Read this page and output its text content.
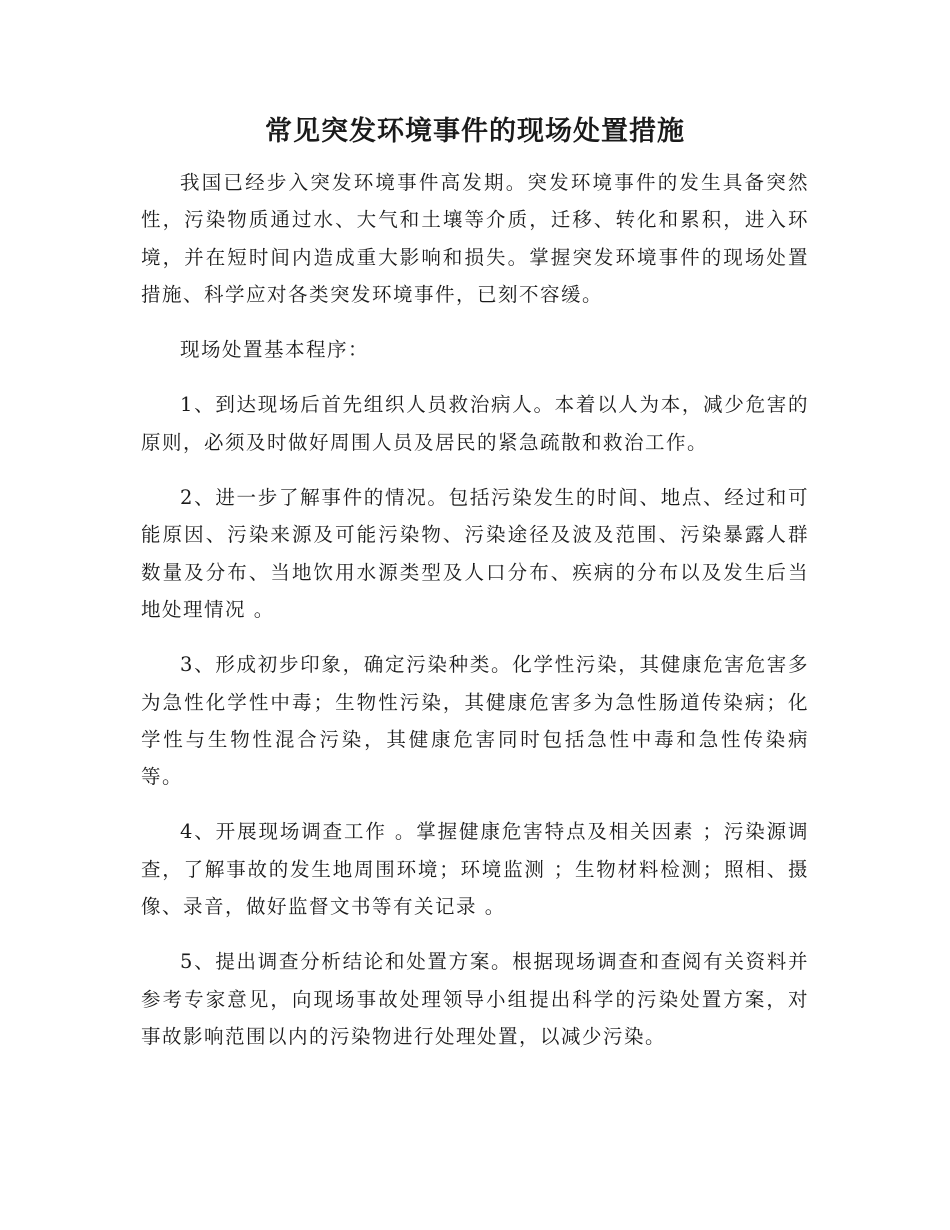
常见突发环境事件的现场处置措施

我国已经步入突发环境事件高发期。突发环境事件的发生具备突然性，污染物质通过水、大气和土壤等介质，迁移、转化和累积，进入环境，并在短时间内造成重大影响和损失。掌握突发环境事件的现场处置措施、科学应对各类突发环境事件，已刻不容缓。

现场处置基本程序：

1、到达现场后首先组织人员救治病人。本着以人为本，减少危害的原则，必须及时做好周围人员及居民的紧急疏散和救治工作。

2、进一步了解事件的情况。包括污染发生的时间、地点、经过和可能原因、污染来源及可能污染物、污染途径及波及范围、污染暴露人群数量及分布、当地饮用水源类型及人口分布、疾病的分布以及发生后当地处理情况 。

3、形成初步印象，确定污染种类。化学性污染，其健康危害危害多为急性化学性中毒；生物性污染，其健康危害多为急性肠道传染病；化学性与生物性混合污染，其健康危害同时包括急性中毒和急性传染病等。

4、开展现场调查工作 。掌握健康危害特点及相关因素 ；污染源调查，了解事故的发生地周围环境；环境监测 ；生物材料检测；照相、摄像、录音，做好监督文书等有关记录 。

5、提出调查分析结论和处置方案。根据现场调查和查阅有关资料并参考专家意见，向现场事故处理领导小组提出科学的污染处置方案，对事故影响范围以内的污染物进行处理处置，以减少污染。
